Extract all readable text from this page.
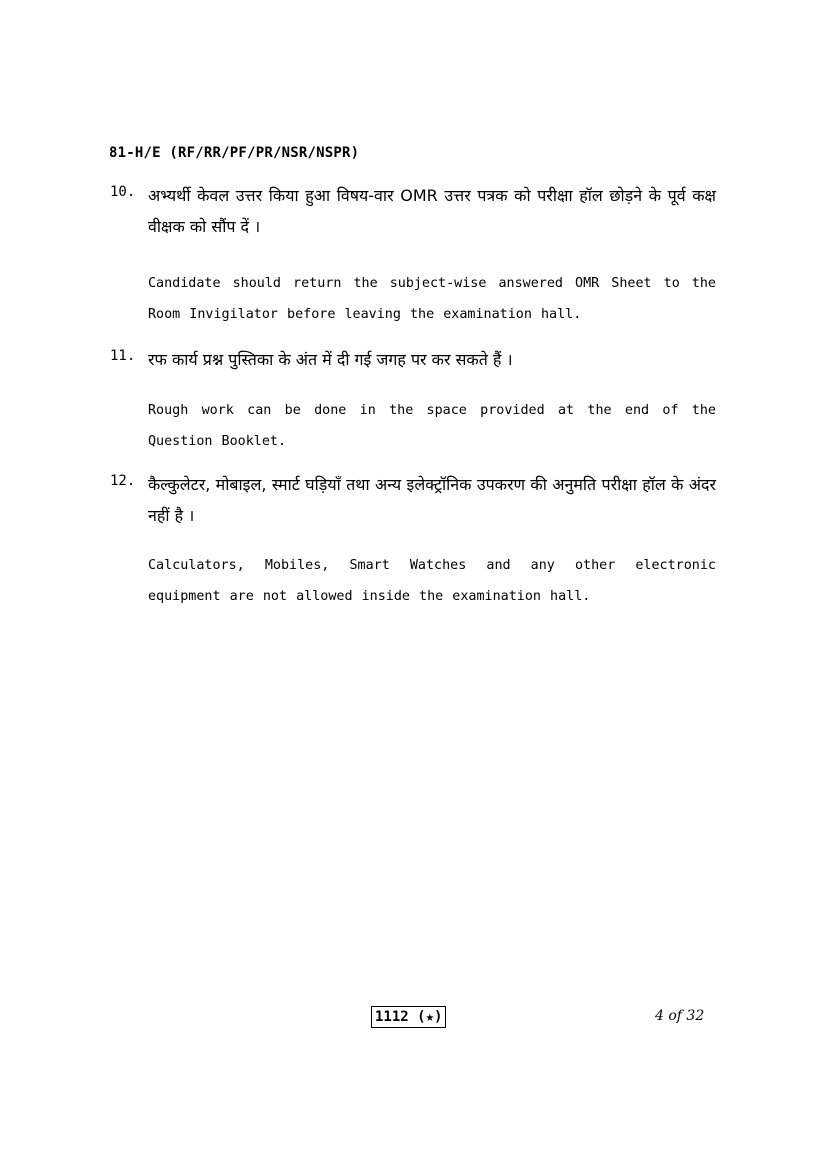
81-H/E (RF/RR/PF/PR/NSR/NSPR)
10. अभ्यर्थी केवल उत्तर किया हुआ विषय-वार OMR उत्तर पत्रक को परीक्षा हॉल छोड़ने के पूर्व कक्ष वीक्षक को सौंप दें ।
Candidate should return the subject-wise answered OMR Sheet to the Room Invigilator before leaving the examination hall.
11. रफ कार्य प्रश्न पुस्तिका के अंत में दी गई जगह पर कर सकते हैं ।
Rough work can be done in the space provided at the end of the Question Booklet.
12. कैल्कुलेटर, मोबाइल, स्मार्ट घड़ियाँ तथा अन्य इलेक्ट्रॉनिक उपकरण की अनुमति परीक्षा हॉल के अंदर नहीं है ।
Calculators, Mobiles, Smart Watches and any other electronic equipment are not allowed inside the examination hall.
1112 (★)	4 of 32
